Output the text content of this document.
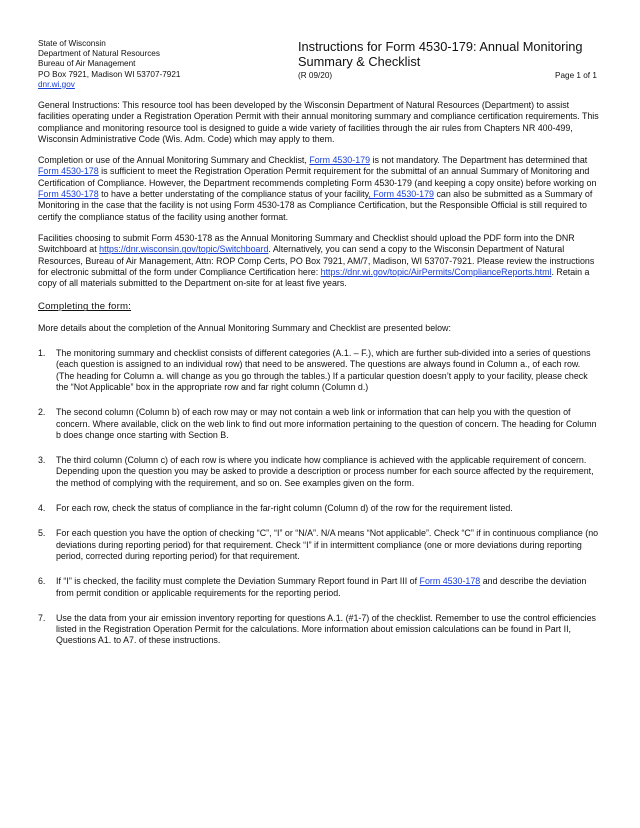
State of Wisconsin
Department of Natural Resources
Bureau of Air Management
PO Box 7921, Madison WI 53707-7921
dnr.wi.gov
Instructions for Form 4530-179: Annual Monitoring Summary & Checklist
(R 09/20)	Page 1 of 1

General Instructions: This resource tool has been developed by the Wisconsin Department of Natural Resources (Department) to assist facilities operating under a Registration Operation Permit with their annual monitoring summary and compliance certification requirements. This compliance and monitoring resource tool is designed to guide a wide variety of facilities through the air rules from Chapters NR 400-499, Wisconsin Administrative Code (Wis. Adm. Code) which may apply to them.

Completion or use of the Annual Monitoring Summary and Checklist, Form 4530-179 is not mandatory. The Department has determined that Form 4530-178 is sufficient to meet the Registration Operation Permit requirement for the submittal of an annual Summary of Monitoring and Certification of Compliance. However, the Department recommends completing Form 4530-179 (and keeping a copy onsite) before working on Form 4530-178 to have a better understating of the compliance status of your facility, Form 4530-179 can also be submitted as a Summary of Monitoring in the case that the facility is not using Form 4530-178 as Compliance Certification, but the Responsible Official is still required to certify the compliance status of the facility using another format.

Facilities choosing to submit Form 4530-178 as the Annual Monitoring Summary and Checklist should upload the PDF form into the DNR Switchboard at https://dnr.wisconsin.gov/topic/Switchboard. Alternatively, you can send a copy to the Wisconsin Department of Natural Resources, Bureau of Air Management, Attn: ROP Comp Certs, PO Box 7921, AM/7, Madison, WI 53707-7921. Please review the instructions for electronic submittal of the form under Compliance Certification here: https://dnr.wi.gov/topic/AirPermits/ComplianceReports.html. Retain a copy of all materials submitted to the Department on-site for at least five years.

Completing the form:

More details about the completion of the Annual Monitoring Summary and Checklist are presented below:

1. The monitoring summary and checklist consists of different categories (A.1. – F.), which are further sub-divided into a series of questions (each question is assigned to an individual row) that need to be answered. The questions are always found in Column a., of each row. (The heading for Column a. will change as you go through the tables.) If a particular question doesn’t apply to your facility, please check the “Not Applicable” box in the appropriate row and far right column (Column d.)
2. The second column (Column b) of each row may or may not contain a web link or information that can help you with the question of concern. Where available, click on the web link to find out more information pertaining to the question of concern. The heading for Column b does change once starting with Section B.
3. The third column (Column c) of each row is where you indicate how compliance is achieved with the applicable requirement of concern. Depending upon the question you may be asked to provide a description or process number for each source affected by the requirement, the method of complying with the requirement, and so on. See examples given on the form.
4. For each row, check the status of compliance in the far-right column (Column d) of the row for the requirement listed.
5. For each question you have the option of checking “C”, “I” or “N/A”. N/A means “Not applicable”. Check “C” if in continuous compliance (no deviations during reporting period) for that requirement. Check “I” if in intermittent compliance (one or more deviations during reporting period, corrected during reporting period) for that requirement.
6. If “I” is checked, the facility must complete the Deviation Summary Report found in Part III of Form 4530-178 and describe the deviation from permit condition or applicable requirements for the reporting period.
7. Use the data from your air emission inventory reporting for questions A.1. (#1-7) of the checklist. Remember to use the control efficiencies listed in the Registration Operation Permit for the calculations. More information about emission calculations can be found in Part II, Questions A1. to A7. of these instructions.
